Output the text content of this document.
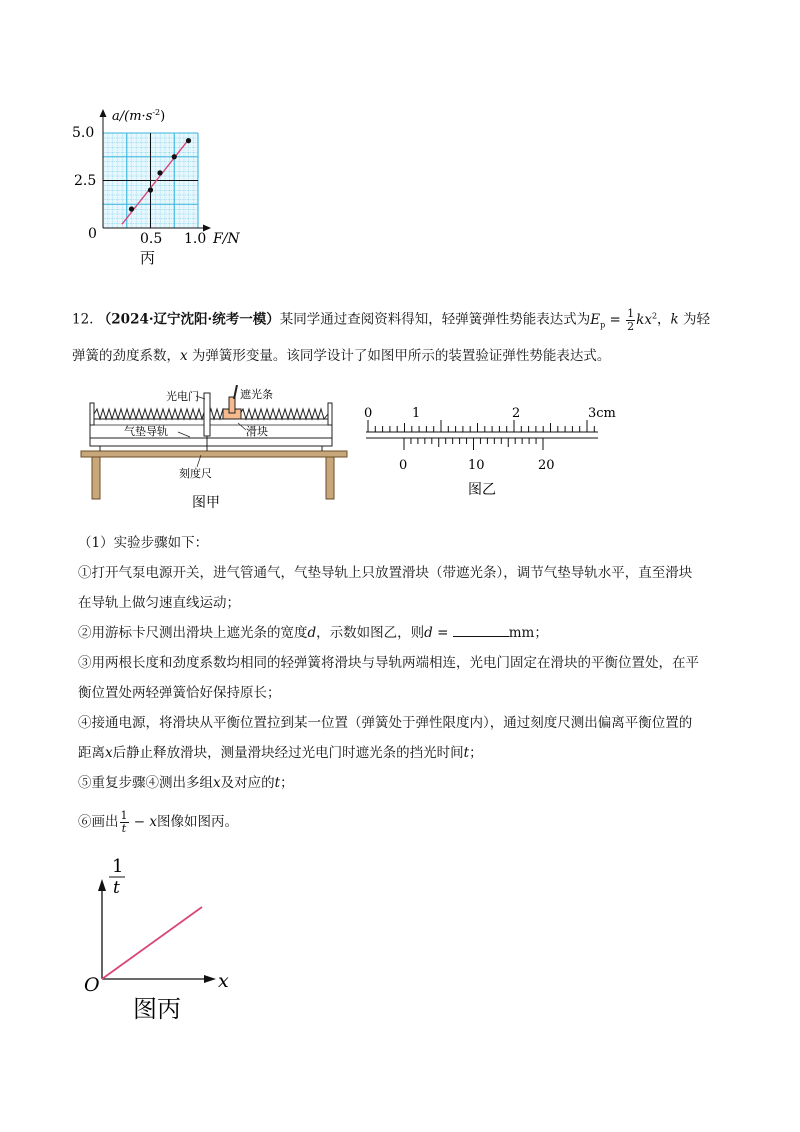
$a/(m\cdot s^{-2})$
5.0
2.5
0	0.5 1.0 F/N
丙
12. （2024·辽宁沈阳·统考一模）某同学通过查阅资料得知，轻弹簧弹性势能表达式为$E_p = \frac{1}{2} kx^2$，k 为轻
弹簧的劲度系数，x 为弹簧形变量。该同学设计了如图甲所示的装置验证弹性势能表达式。
光电门	遮光条
气垫导轨	滑块
刻度尺
图甲
0	1	2	3cm
0	10	20
图乙
（1）实验步骤如下：
①打开气泵电源开关，进气管通气，气垫导轨上只放置滑块（带遮光条），调节气垫导轨水平，直至滑块
在导轨上做匀速直线运动；
②用游标卡尺测出滑块上遮光条的宽度d，示数如图乙，则d =	mm；
③用两根长度和劲度系数均相同的轻弹簧将滑块与导轨两端相连，光电门固定在滑块的平衡位置处，在平
衡位置处两轻弹簧恰好保持原长；
④接通电源，将滑块从平衡位置拉到某一位置（弹簧处于弹性限度内），通过刻度尺测出偏离平衡位置的
距离x后静止释放滑块，测量滑块经过光电门时遮光条的挡光时间t；
⑤重复步骤④测出多组x及对应的t；
⑥画出 $\frac{1}{t} - x$图像如图丙。
1
t
O	x
图丙
